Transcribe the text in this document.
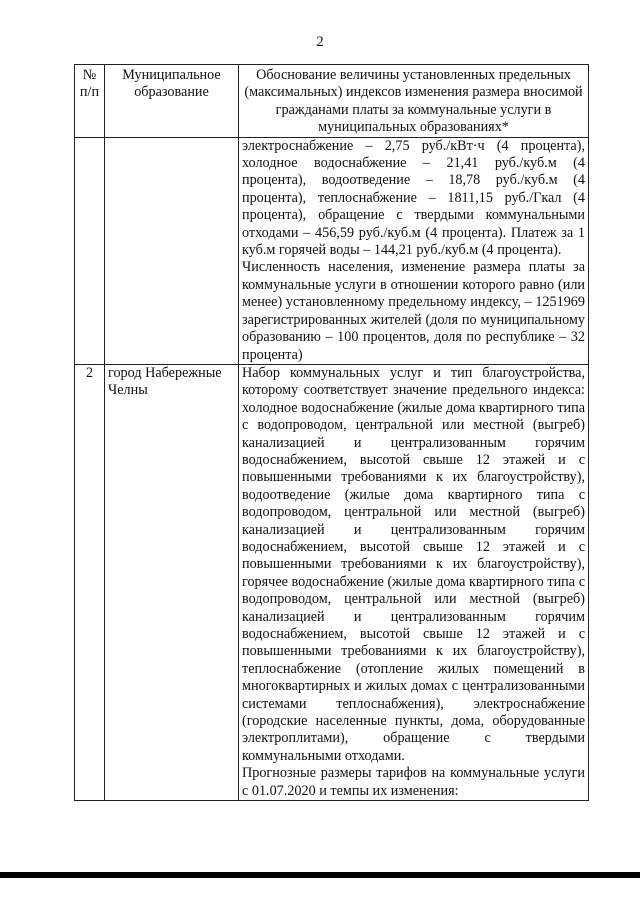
2
№ п/п	Муниципальное образование	Обоснование величины установленных предельных (максимальных) индексов изменения размера вносимой гражданами платы за коммунальные услуги в муниципальных образованиях*

		электроснабжение – 2,75 руб./кВт·ч (4 процента), холодное водоснабжение – 21,41 руб./куб.м (4 процента), водоотведение – 18,78 руб./куб.м (4 процента), теплоснабжение – 1811,15 руб./Гкал (4 процента), обращение с твердыми коммунальными отходами – 456,59 руб./куб.м (4 процента). Платеж за 1 куб.м горячей воды – 144,21 руб./куб.м (4 процента).

Численность населения, изменение размера платы за коммунальные услуги в отношении которого равно (или менее) установленному предельному индексу, – 1251969 зарегистрированных жителей (доля по муниципальному образованию – 100 процентов, доля по республике – 32 процента)

2	город Набережные Челны	Набор коммунальных услуг и тип благоустройства, которому соответствует значение предельного индекса: холодное водоснабжение (жилые дома квартирного типа с водопроводом, центральной или местной (выгреб) канализацией и централизованным горячим водоснабжением, высотой свыше 12 этажей и с повышенными требованиями к их благоустройству), водоотведение (жилые дома квартирного типа с водопроводом, центральной или местной (выгреб) канализацией и централизованным горячим водоснабжением, высотой свыше 12 этажей и с повышенными требованиями к их благоустройству), горячее водоснабжение (жилые дома квартирного типа с водопроводом, центральной или местной (выгреб) канализацией и централизованным горячим водоснабжением, высотой свыше 12 этажей и с повышенными требованиями к их благоустройству), теплоснабжение (отопление жилых помещений в многоквартирных и жилых домах с централизованными системами теплоснабжения), электроснабжение (городские населенные пункты, дома, оборудованные электроплитами), обращение с твердыми коммунальными отходами.

Прогнозные размеры тарифов на коммунальные услуги с 01.07.2020 и темпы их изменения:
